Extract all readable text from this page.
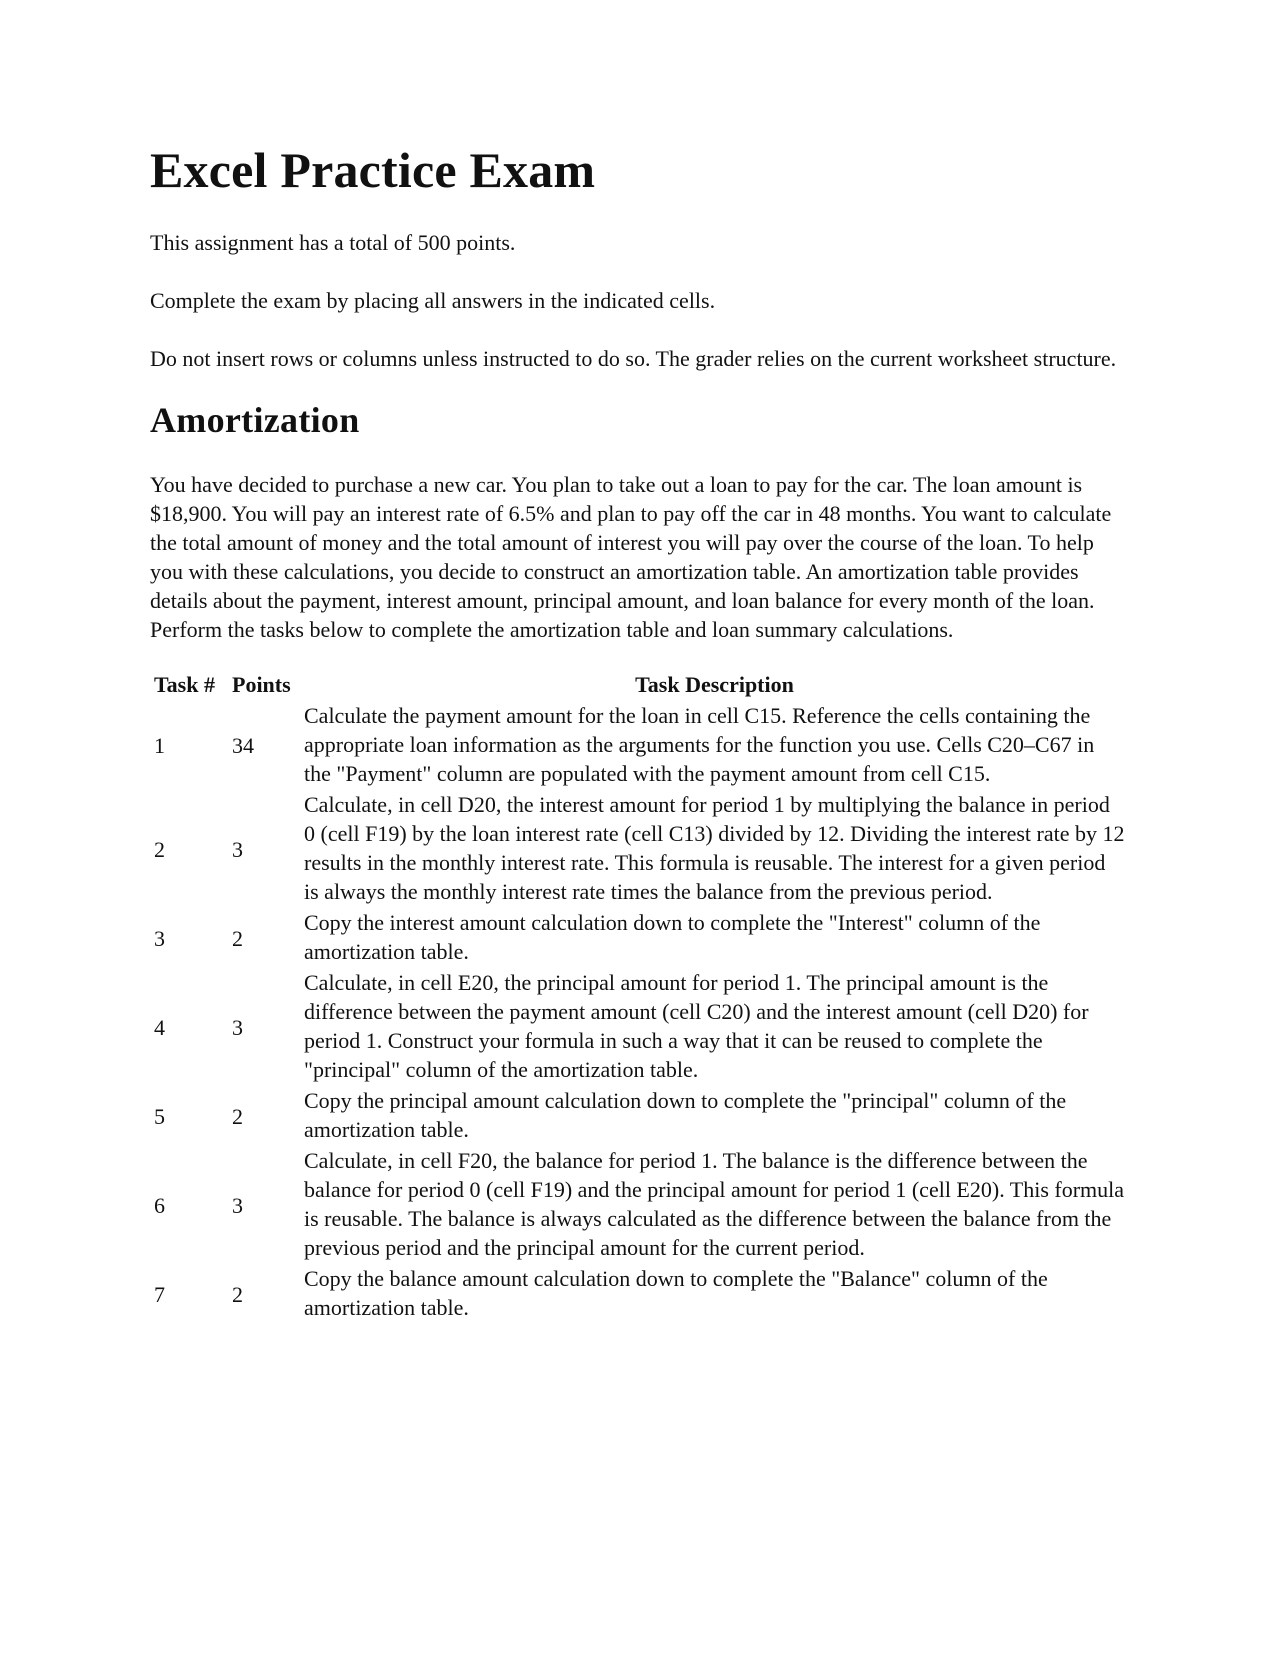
Excel Practice Exam

This assignment has a total of 500 points.

Complete the exam by placing all answers in the indicated cells.

Do not insert rows or columns unless instructed to do so. The grader relies on the current worksheet structure.

Amortization

You have decided to purchase a new car. You plan to take out a loan to pay for the car. The loan amount is $18,900. You will pay an interest rate of 6.5% and plan to pay off the car in 48 months. You want to calculate the total amount of money and the total amount of interest you will pay over the course of the loan. To help you with these calculations, you decide to construct an amortization table. An amortization table provides details about the payment, interest amount, principal amount, and loan balance for every month of the loan. Perform the tasks below to complete the amortization table and loan summary calculations.

Task #	Points	Task Description
1	34	Calculate the payment amount for the loan in cell C15. Reference the cells containing the appropriate loan information as the arguments for the function you use. Cells C20–C67 in the "Payment" column are populated with the payment amount from cell C15.
2	3	Calculate, in cell D20, the interest amount for period 1 by multiplying the balance in period 0 (cell F19) by the loan interest rate (cell C13) divided by 12. Dividing the interest rate by 12 results in the monthly interest rate. This formula is reusable. The interest for a given period is always the monthly interest rate times the balance from the previous period.
3	2	Copy the interest amount calculation down to complete the "Interest" column of the amortization table.
4	3	Calculate, in cell E20, the principal amount for period 1. The principal amount is the difference between the payment amount (cell C20) and the interest amount (cell D20) for period 1. Construct your formula in such a way that it can be reused to complete the "principal" column of the amortization table.
5	2	Copy the principal amount calculation down to complete the "principal" column of the amortization table.
6	3	Calculate, in cell F20, the balance for period 1. The balance is the difference between the balance for period 0 (cell F19) and the principal amount for period 1 (cell E20). This formula is reusable. The balance is always calculated as the difference between the balance from the previous period and the principal amount for the current period.
7	2	Copy the balance amount calculation down to complete the "Balance" column of the amortization table.
